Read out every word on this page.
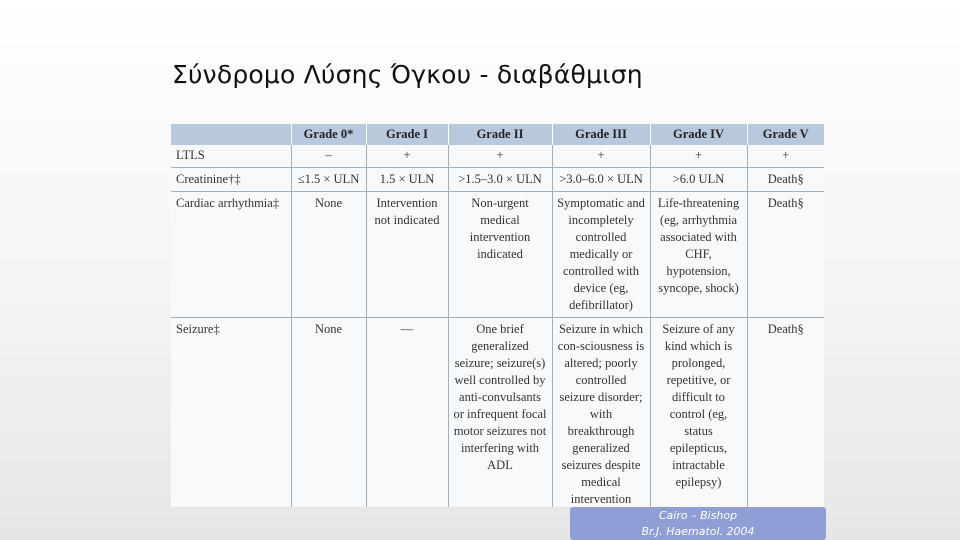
Σύνδρομο Λύσης Όγκου - διαβάθμιση
	Grade 0*	Grade I	Grade II	Grade III	Grade IV	Grade V
LTLS	–	+	+	+	+	+
Creatinine†‡	≤1.5 × ULN	1.5 × ULN	>1.5–3.0 × ULN	>3.0–6.0 × ULN	>6.0 ULN	Death§
Cardiac arrhythmia‡	None	Intervention not indicated	Non-urgent medical intervention indicated	Symptomatic and incompletely controlled medically or controlled with device (eg, defibrillator)	Life-threatening (eg, arrhythmia associated with CHF, hypotension, syncope, shock)	Death§
Seizure‡	None	—	One brief generalized seizure; seizure(s) well controlled by anti-convulsants or infrequent focal motor seizures not interfering with ADL	Seizure in which con-sciousness is altered; poorly controlled seizure disorder; with breakthrough generalized seizures despite medical intervention	Seizure of any kind which is prolonged, repetitive, or difficult to control (eg, status epilepticus, intractable epilepsy)	Death§
Cairo – Bishop
Br.J. Haematol. 2004
